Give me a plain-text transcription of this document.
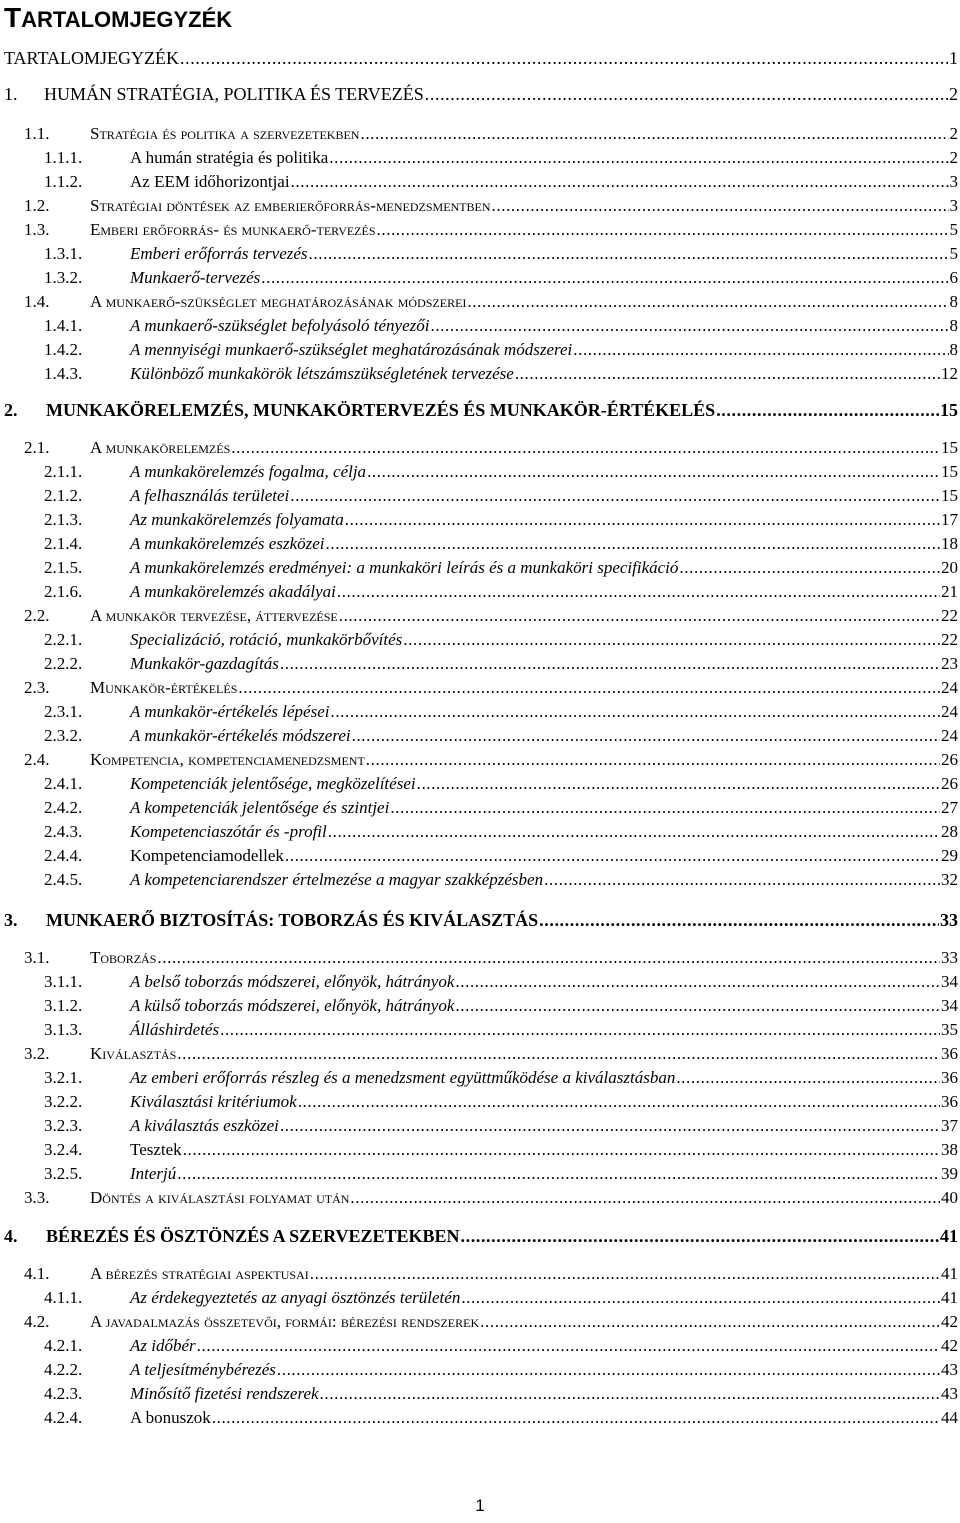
TARTALOMJEGYZÉK
TARTALOMJEGYZÉK .....	1
1.	HUMÁN STRATÉGIA, POLITIKA ÉS TERVEZÉS .....	2
1.1.	Stratégia és politika a szervezetekben .....	2
1.1.1.	A humán stratégia és politika .....	2
1.1.2.	Az EEM időhorizontjai .....	3
1.2.	Stratégiai döntések az emberierőforrás-menedzsmentben .....	3
1.3.	Emberi erőforrás- és munkaerő-tervezés .....	5
1.3.1.	Emberi erőforrás tervezés .....	5
1.3.2.	Munkaerő-tervezés .....	6
1.4.	A munkaerő-szükséglet meghatározásának módszerei .....	8
1.4.1.	A munkaerő-szükséglet befolyásoló tényezői .....	8
1.4.2.	A mennyiségi munkaerő-szükséglet meghatározásának módszerei .....	8
1.4.3.	Különböző munkakörök létszámszükségletének tervezése .....	12
2.	MUNKAKÖRELEMZÉS, MUNKAKÖRTERVEZÉS ÉS MUNKAKÖR-ÉRTÉKELÉS .....	15
2.1.	A munkakörelemzés .....	15
2.1.1.	A munkakörelemzés fogalma, célja .....	15
2.1.2.	A felhasználás területei .....	15
2.1.3.	Az munkakörelemzés folyamata .....	17
2.1.4.	A munkakörelemzés eszközei .....	18
2.1.5.	A munkakörelemzés eredményei: a munkaköri leírás és a munkaköri specifikáció .....	20
2.1.6.	A munkakörelemzés akadályai .....	21
2.2.	A munkakör tervezése, áttervezése .....	22
2.2.1.	Specializáció, rotáció, munkakörbővítés .....	22
2.2.2.	Munkakör-gazdagítás .....	23
2.3.	Munkakör-értékelés .....	24
2.3.1.	A munkakör-értékelés lépései .....	24
2.3.2.	A munkakör-értékelés módszerei .....	24
2.4.	Kompetencia, kompetenciamenedzsment .....	26
2.4.1.	Kompetenciák jelentősége, megközelítései .....	26
2.4.2.	A kompetenciák jelentősége és szintjei .....	27
2.4.3.	Kompetenciaszótár és -profil .....	28
2.4.4.	Kompetenciamodellek .....	29
2.4.5.	A kompetenciarendszer értelmezése a magyar szakképzésben .....	32
3.	MUNKAERŐ BIZTOSÍTÁS: TOBORZÁS ÉS KIVÁLASZTÁS .....	33
3.1.	Toborzás .....	33
3.1.1.	A belső toborzás módszerei, előnyök, hátrányok .....	34
3.1.2.	A külső toborzás módszerei, előnyök, hátrányok .....	34
3.1.3.	Álláshirdetés .....	35
3.2.	Kiválasztás .....	36
3.2.1.	Az emberi erőforrás részleg és a menedzsment együttműködése a kiválasztásban .....	36
3.2.2.	Kiválasztási kritériumok .....	36
3.2.3.	A kiválasztás eszközei .....	37
3.2.4.	Tesztek .....	38
3.2.5.	Interjú .....	39
3.3.	Döntés a kiválasztási folyamat után .....	40
4.	BÉREZÉS ÉS ÖSZTÖNZÉS A SZERVEZETEKBEN .....	41
4.1.	A bérezés stratégiai aspektusai .....	41
4.1.1.	Az érdekegyeztetés az anyagi ösztönzés területén .....	41
4.2.	A javadalmazás összetevői, formái: bérezési rendszerek .....	42
4.2.1.	Az időbér .....	42
4.2.2.	A teljesítménybérezés .....	43
4.2.3.	Minősítő fizetési rendszerek .....	43
4.2.4.	A bonuszok .....	44
1
